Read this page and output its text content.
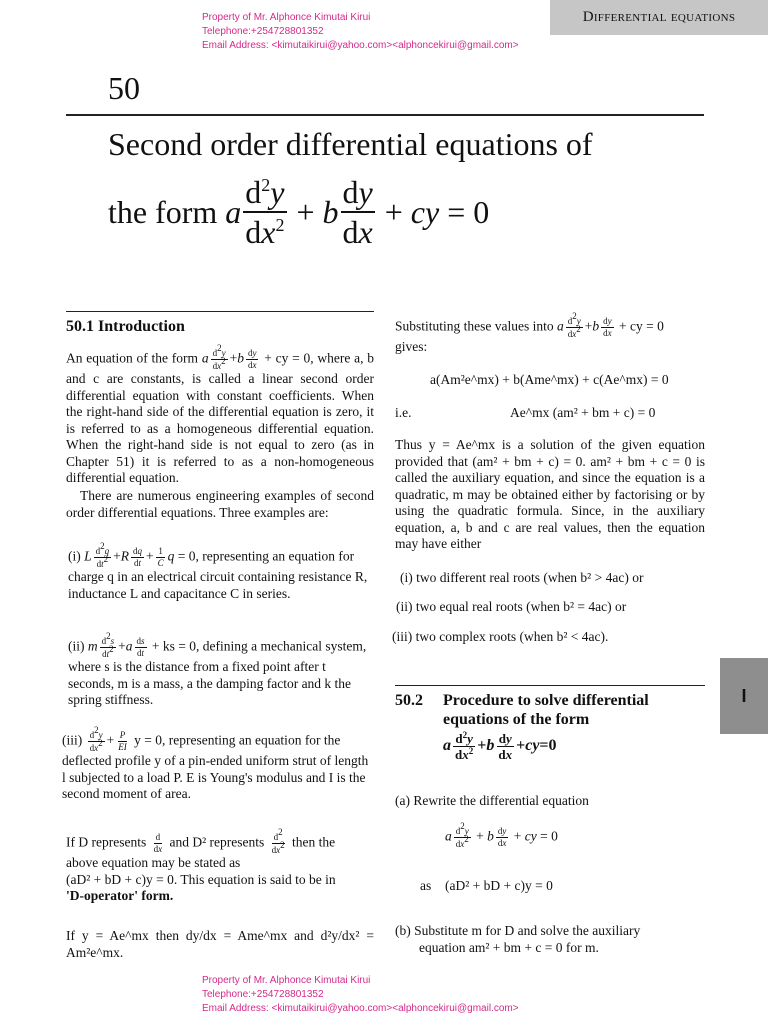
Property of Mr. Alphonce Kimutai Kirui
Telephone:+254728801352
Email Address: <kimutaikirui@yahoo.com><alphoncekirui@gmail.com>
Differential equations
50
Second order differential equations of
the form
a $\frac{d^2y}{dx^2} + b \frac{dy}{dx}$ + cy = 0
50.1 Introduction
An equation of the form a $\frac{d^2y}{dx^2} +b \frac{dy}{dx}$ + cy = 0, where a, b and c are constants, is called a linear second order differential equation with constant coefficients. When the right-hand side of the differential equation is zero, it is referred to as a homogeneous differential equation. When the right-hand side is not equal to zero (as in Chapter 51) it is referred to as a non-homogeneous differential equation.
There are numerous engineering examples of second order differential equations. Three examples are:
(i) L $\frac{d^2q}{dt^2} +R \frac{dq}{dt} + \frac{1}{C}$ q = 0, representing an equation for charge q in an electrical circuit containing resistance R, inductance L and capacitance C in series.
(ii) m $\frac{d^2s}{dt^2} +a \frac{ds}{dt}$ + ks = 0, defining a mechanical system, where s is the distance from a fixed point after t seconds, m is a mass, a the damping factor and k the spring stiffness.
$(iii) \frac{d^2y}{dx^2} + \frac{P}{EI}$ y = 0, representing an equation for the deflected profile y of a pin-ended uniform strut of length l subjected to a load P. E is Young's modulus and I is the second moment of area.
If D represents $\frac{d}{dx}$ and D² represents $\frac{d^2}{dx^2}$ then the
above equation may be stated as
(aD² + bD + c)y = 0. This equation is said to be in
'D-operator' form.
If y = Ae^mx then dy/dx = Ame^mx and d²y/dx² = Am²e^mx.
Substituting these values into a $\frac{d^2y}{dx^2} +b \frac{dy}{dx}$ + cy = 0
gives:
a(Am²e^mx) + b(Ame^mx) + c(Ae^mx) = 0
i.e.	Ae^mx (am² + bm + c) = 0
Thus y = Ae^mx is a solution of the given equation provided that (am² + bm + c) = 0. am² + bm + c = 0 is called the auxiliary equation, and since the equation is a quadratic, m may be obtained either by factorising or by using the quadratic formula. Since, in the auxiliary equation, a, b and c are real values, then the equation may have either
(i) two different real roots (when b² > 4ac) or
(ii) two equal real roots (when b² = 4ac) or
(iii) two complex roots (when b² < 4ac).
50.2 Procedure to solve differential
equations of the form
a $\frac{d^2y}{dx^2} +b \frac{dy}{dx} +cy=0$
(a) Rewrite the differential equation
a $\frac{d^2y}{dx^2} + b \frac{dy}{dx}$ + cy = 0
as (aD² + bD + c)y = 0
(b) Substitute m for D and solve the auxiliary
equation am² + bm + c = 0 for m.
I
Property of Mr. Alphonce Kimutai Kirui
Telephone:+254728801352
Email Address: <kimutaikirui@yahoo.com><alphoncekirui@gmail.com>
